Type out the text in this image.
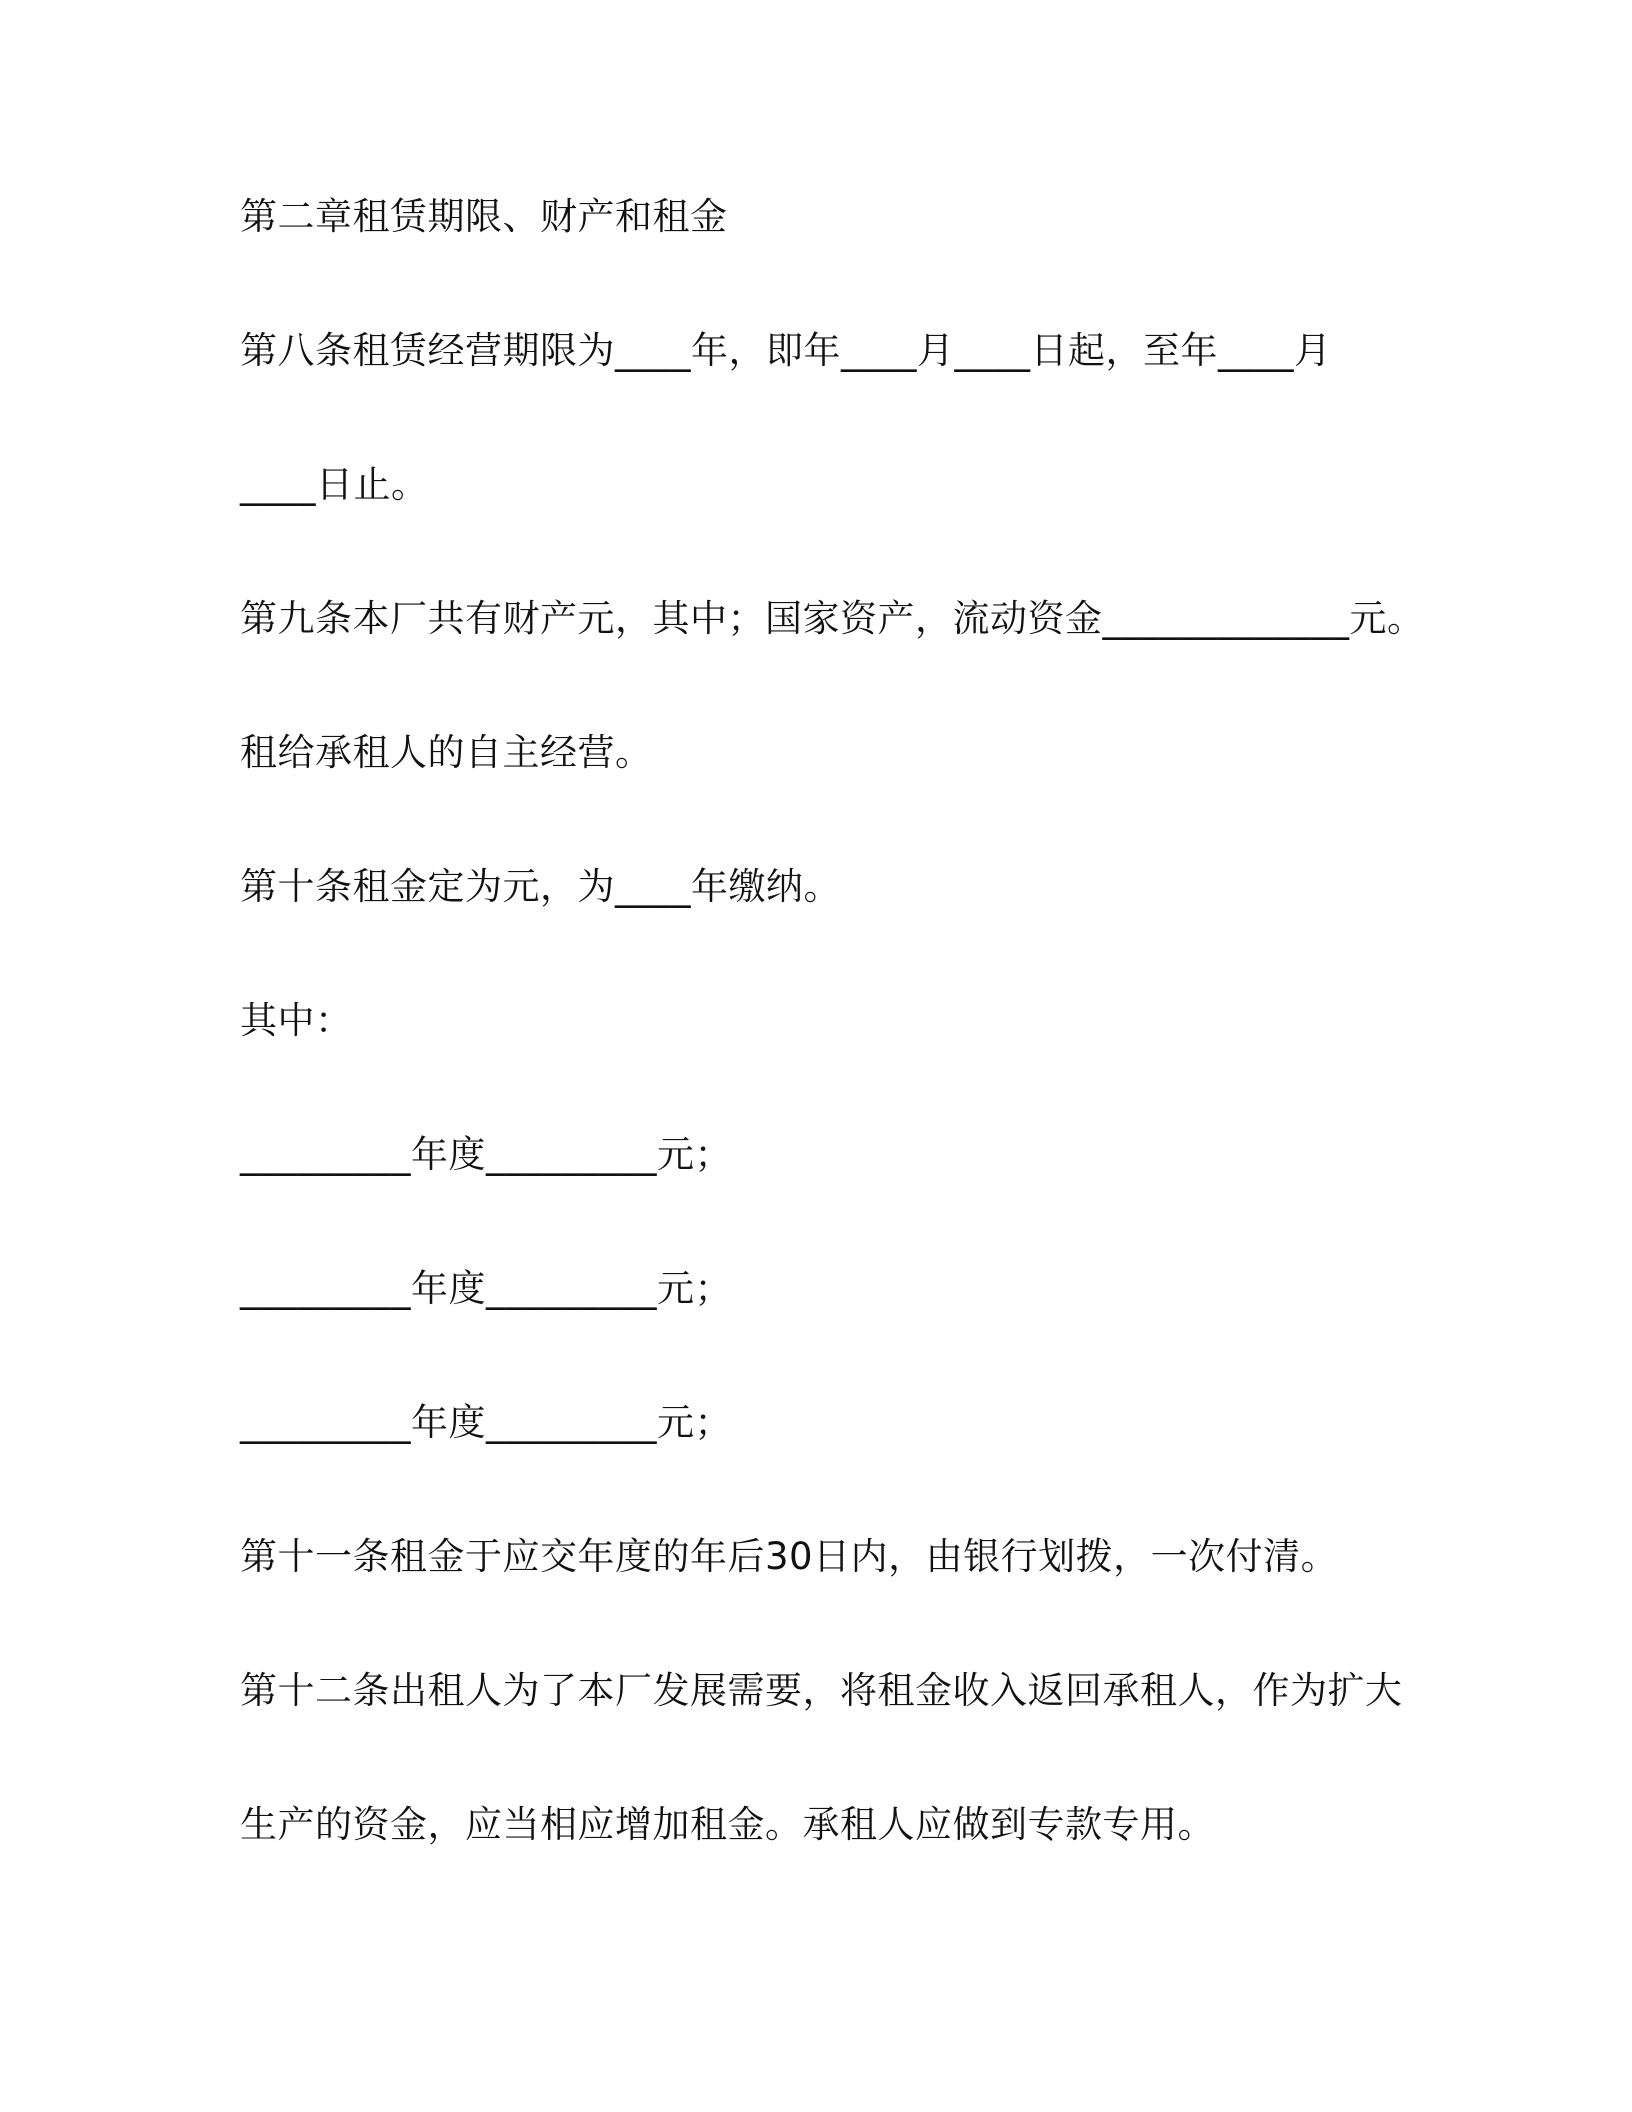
第二章租赁期限、财产和租金

第八条租赁经营期限为____年，即年____月____日起，至年____月

____日止。

第九条本厂共有财产元，其中；国家资产，流动资金_____________元。

租给承租人的自主经营。

第十条租金定为元，为____年缴纳。

其中：

_________年度_________元；

_________年度_________元；

_________年度_________元；

第十一条租金于应交年度的年后30日内，由银行划拨，一次付清。

第十二条出租人为了本厂发展需要，将租金收入返回承租人，作为扩大

生产的资金，应当相应增加租金。承租人应做到专款专用。
